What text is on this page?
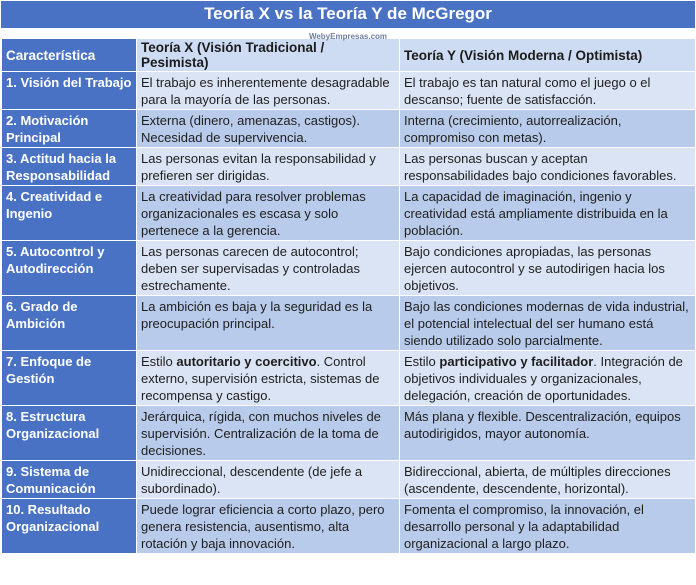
Teoría X vs la Teoría Y de McGregor
WebyEmpresas.com
Característica	Teoría X (Visión Tradicional / Pesimista)	Teoría Y (Visión Moderna / Optimista)
1. Visión del Trabajo	El trabajo es inherentemente desagradable para la mayoría de las personas.	El trabajo es tan natural como el juego o el descanso; fuente de satisfacción.
2. Motivación Principal	Externa (dinero, amenazas, castigos). Necesidad de supervivencia.	Interna (crecimiento, autorrealización, compromiso con metas).
3. Actitud hacia la Responsabilidad	Las personas evitan la responsabilidad y prefieren ser dirigidas.	Las personas buscan y aceptan responsabilidades bajo condiciones favorables.
4. Creatividad e Ingenio	La creatividad para resolver problemas organizacionales es escasa y solo pertenece a la gerencia.	La capacidad de imaginación, ingenio y creatividad está ampliamente distribuida en la población.
5. Autocontrol y Autodirección	Las personas carecen de autocontrol; deben ser supervisadas y controladas estrechamente.	Bajo condiciones apropiadas, las personas ejercen autocontrol y se autodirigen hacia los objetivos.
6. Grado de Ambición	La ambición es baja y la seguridad es la preocupación principal.	Bajo las condiciones modernas de vida industrial, el potencial intelectual del ser humano está siendo utilizado solo parcialmente.
7. Enfoque de Gestión	Estilo autoritario y coercitivo. Control externo, supervisión estricta, sistemas de recompensa y castigo.	Estilo participativo y facilitador. Integración de objetivos individuales y organizacionales, delegación, creación de oportunidades.
8. Estructura Organizacional	Jerárquica, rígida, con muchos niveles de supervisión. Centralización de la toma de decisiones.	Más plana y flexible. Descentralización, equipos autodirigidos, mayor autonomía.
9. Sistema de Comunicación	Unidireccional, descendente (de jefe a subordinado).	Bidireccional, abierta, de múltiples direcciones (ascendente, descendente, horizontal).
10. Resultado Organizacional	Puede lograr eficiencia a corto plazo, pero genera resistencia, ausentismo, alta rotación y baja innovación.	Fomenta el compromiso, la innovación, el desarrollo personal y la adaptabilidad organizacional a largo plazo.
